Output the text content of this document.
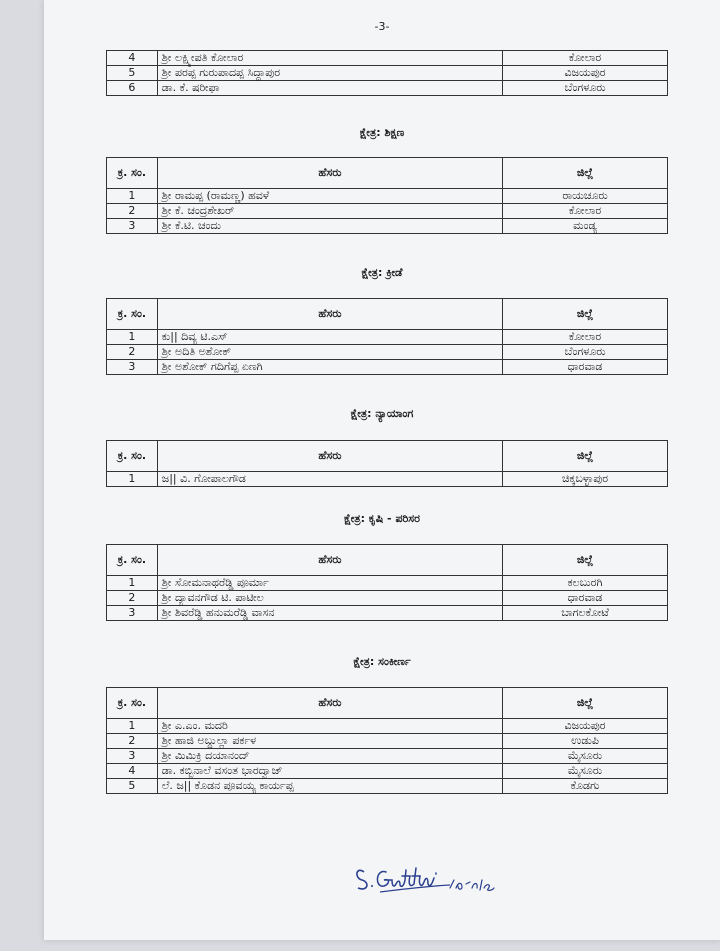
-3-
4	ಶ್ರೀ ಲಕ್ಷ್ಮೀಪತಿ ಕೋಲಾರ	ಕೋಲಾರ
5	ಶ್ರೀ ಪರಪ್ಪ ಗುರುಪಾದಪ್ಪ ಸಿದ್ದಾಪುರ	ವಿಜಯಪುರ
6	ಡಾ. ಕೆ. ಷರೀಫಾ	ಬೆಂಗಳೂರು
ಕ್ಷೇತ್ರ: ಶಿಕ್ಷಣ
ಕ್ರ. ಸಂ.	ಹೆಸರು	ಜಿಲ್ಲೆ
1	ಶ್ರೀ ರಾಮಪ್ಪ (ರಾಮಣ್ಣ) ಹವಳೆ	ರಾಯಚೂರು
2	ಶ್ರೀ ಕೆ. ಚಂದ್ರಶೇಖರ್	ಕೋಲಾರ
3	ಶ್ರೀ ಕೆ.ಟಿ. ಚಂದು	ಮಂಡ್ಯ
ಕ್ಷೇತ್ರ: ಕ್ರೀಡೆ
ಕ್ರ. ಸಂ.	ಹೆಸರು	ಜಿಲ್ಲೆ
1	ಕು|| ದಿವ್ಯ ಟಿ.ಎಸ್	ಕೋಲಾರ
2	ಶ್ರೀ ಅದಿತಿ ಅಶೋಕ್	ಬೆಂಗಳೂರು
3	ಶ್ರೀ ಅಶೋಕ್ ಗದಿಗೆಪ್ಪ ಏಣಗಿ	ಧಾರವಾಡ
ಕ್ಷೇತ್ರ: ನ್ಯಾಯಾಂಗ
ಕ್ರ. ಸಂ.	ಹೆಸರು	ಜಿಲ್ಲೆ
1	ಜ|| ವಿ. ಗೋಪಾಲಗೌಡ	ಚಿಕ್ಕಬಳ್ಳಾಪುರ
ಕ್ಷೇತ್ರ: ಕೃಷಿ - ಪರಿಸರ
ಕ್ರ. ಸಂ.	ಹೆಸರು	ಜಿಲ್ಲೆ
1	ಶ್ರೀ ಸೋಮನಾಥರೆಡ್ಡಿ ಪೂರ್ಮಾ	ಕಲಬುರಗಿ
2	ಶ್ರೀ ದ್ಯಾವನಗೌಡ ಟಿ. ಪಾಟೀಲ	ಧಾರವಾಡ
3	ಶ್ರೀ ಶಿವರೆಡ್ಡಿ ಹನುಮರೆಡ್ಡಿ ವಾಸನ	ಬಾಗಲಕೋಟೆ
ಕ್ಷೇತ್ರ: ಸಂಕೀರ್ಣ
ಕ್ರ. ಸಂ.	ಹೆಸರು	ಜಿಲ್ಲೆ
1	ಶ್ರೀ ಎ.ಎಂ. ಮದರಿ	ವಿಜಯಪುರ
2	ಶ್ರೀ ಹಾಜಿ ಅಬ್ದುಲ್ಲಾ ಪರ್ಕಳ	ಉಡುಪಿ
3	ಶ್ರೀ ಮಿಮಿಕ್ರಿ ದಯಾನಂದ್	ಮೈಸೂರು
4	ಡಾ. ಕಬ್ಬಿನಾಲೆ ವಸಂತ ಭಾರದ್ವಾಜ್	ಮೈಸೂರು
5	ಲೆ. ಜ|| ಕೊಡನ ಪೂವಯ್ಯ ಕಾರ್ಯಪ್ಪ	ಕೊಡಗು
